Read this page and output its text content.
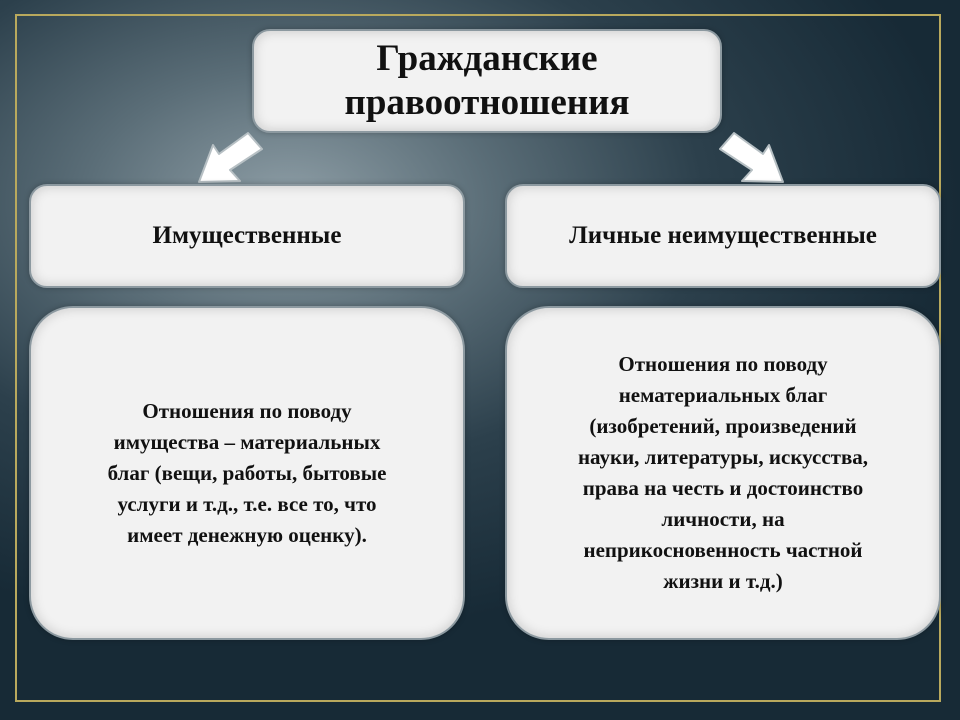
Гражданские
правоотношения
Имущественные	Личные неимущественные
Отношения по поводу
имущества – материальных
благ (вещи, работы, бытовые
услуги и т.д., т.е. все то, что
имеет денежную оценку).
Отношения по поводу
нематериальных благ
(изобретений, произведений
науки, литературы, искусства,
права на честь и достоинство
личности, на
неприкосновенность частной
жизни и т.д.)
